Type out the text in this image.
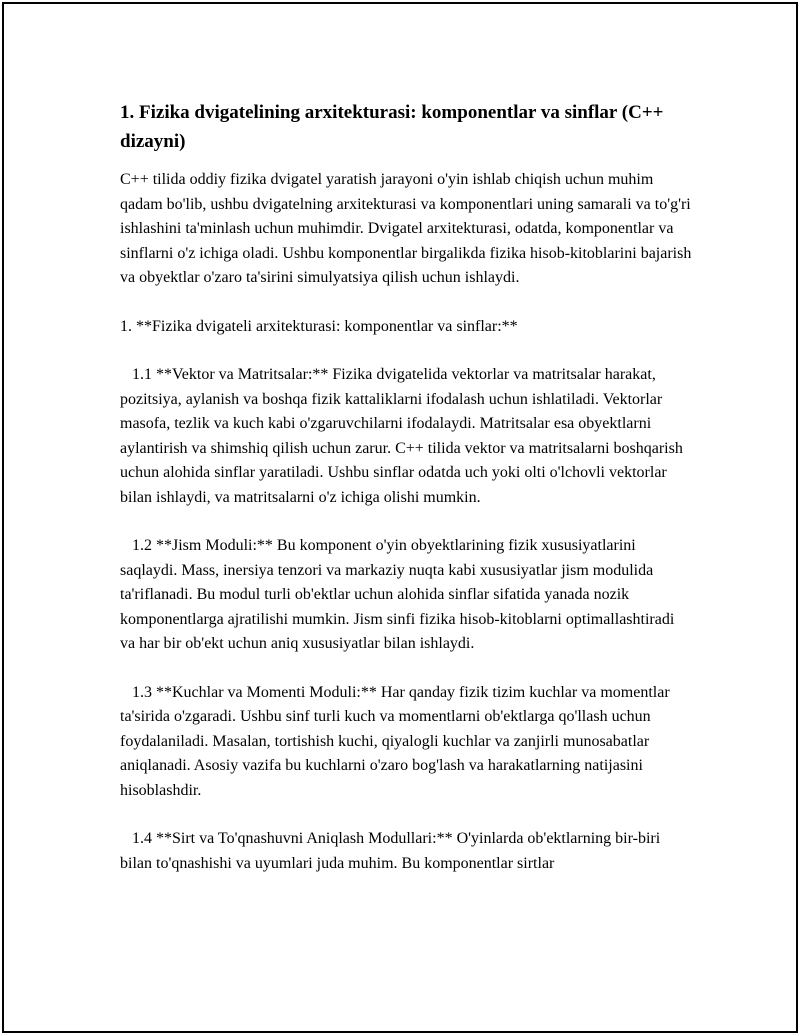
1. Fizika dvigatelining arxitekturasi: komponentlar va sinflar (C++ dizayni)

C++ tilida oddiy fizika dvigatel yaratish jarayoni o'yin ishlab chiqish uchun muhim qadam bo'lib, ushbu dvigatelning arxitekturasi va komponentlari uning samarali va to'g'ri ishlashini ta'minlash uchun muhimdir. Dvigatel arxitekturasi, odatda, komponentlar va sinflarni o'z ichiga oladi. Ushbu komponentlar birgalikda fizika hisob-kitoblarini bajarish va obyektlar o'zaro ta'sirini simulyatsiya qilish uchun ishlaydi.

1. **Fizika dvigateli arxitekturasi: komponentlar va sinflar:**

1.1 **Vektor va Matritsalar:** Fizika dvigatelida vektorlar va matritsalar harakat, pozitsiya, aylanish va boshqa fizik kattaliklarni ifodalash uchun ishlatiladi. Vektorlar masofa, tezlik va kuch kabi o'zgaruvchilarni ifodalaydi. Matritsalar esa obyektlarni aylantirish va shimshiq qilish uchun zarur. C++ tilida vektor va matritsalarni boshqarish uchun alohida sinflar yaratiladi. Ushbu sinflar odatda uch yoki olti o'lchovli vektorlar bilan ishlaydi, va matritsalarni o'z ichiga olishi mumkin.

1.2 **Jism Moduli:** Bu komponent o'yin obyektlarining fizik xususiyatlarini saqlaydi. Mass, inersiya tenzori va markaziy nuqta kabi xususiyatlar jism modulida ta'riflanadi. Bu modul turli ob'ektlar uchun alohida sinflar sifatida yanada nozik komponentlarga ajratilishi mumkin. Jism sinfi fizika hisob-kitoblarni optimallashtiradi va har bir ob'ekt uchun aniq xususiyatlar bilan ishlaydi.

1.3 **Kuchlar va Momenti Moduli:** Har qanday fizik tizim kuchlar va momentlar ta'sirida o'zgaradi. Ushbu sinf turli kuch va momentlarni ob'ektlarga qo'llash uchun foydalaniladi. Masalan, tortishish kuchi, qiyalogli kuchlar va zanjirli munosabatlar aniqlanadi. Asosiy vazifa bu kuchlarni o'zaro bog'lash va harakatlarning natijasini hisoblashdir.

1.4 **Sirt va To'qnashuvni Aniqlash Modullari:** O'yinlarda ob'ektlarning bir-biri bilan to'qnashishi va uyumlari juda muhim. Bu komponentlar sirtlar
